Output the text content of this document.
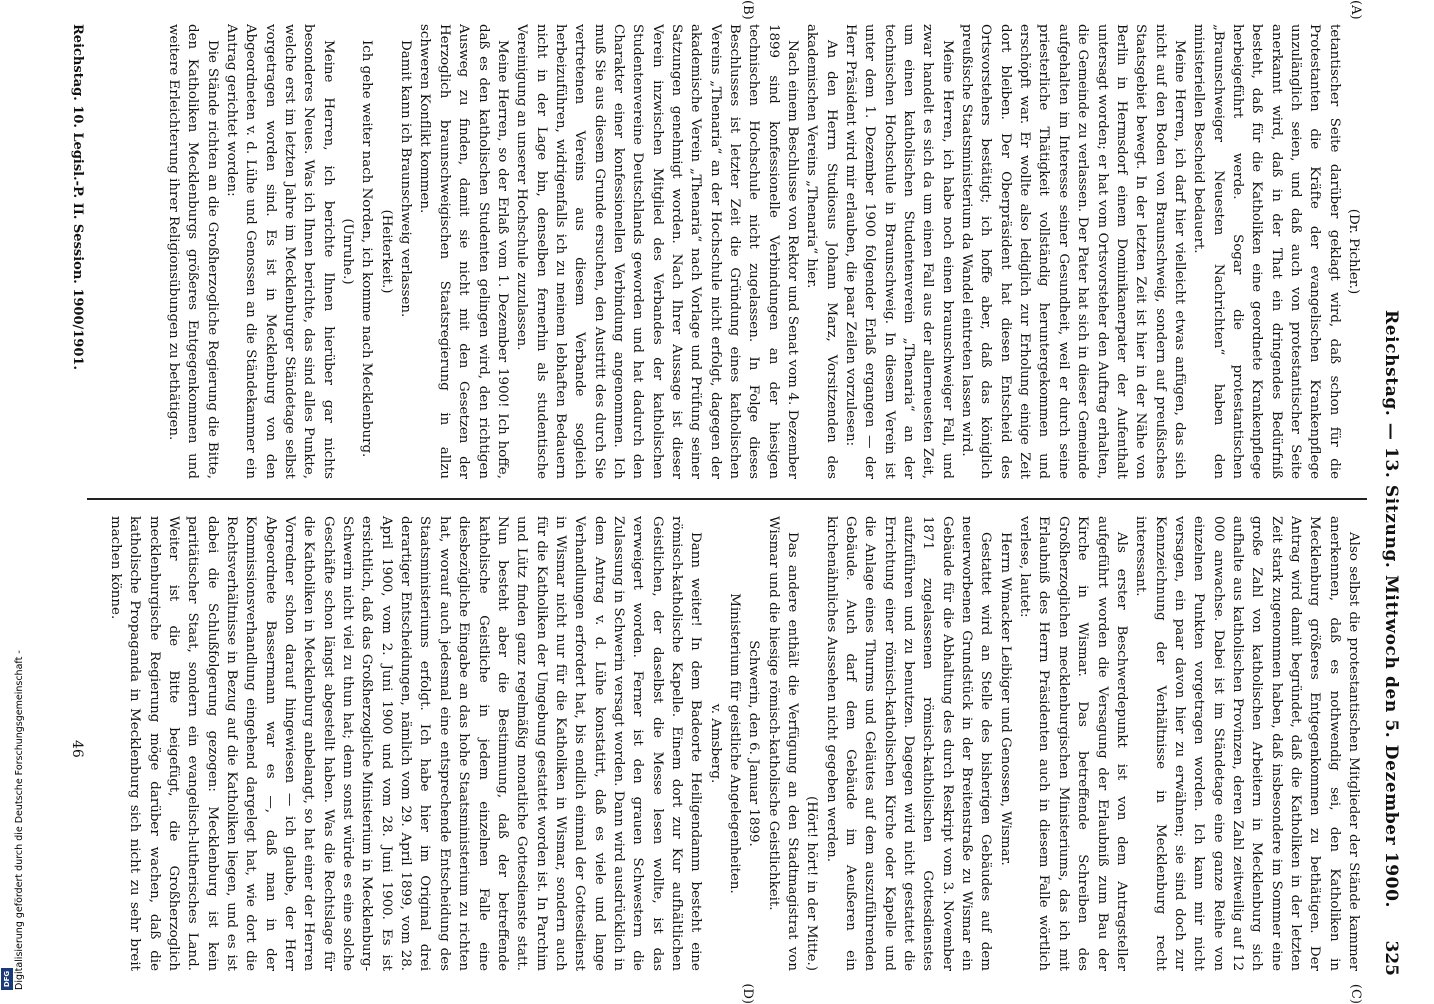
Reichstag. — 13. Sitzung. Mittwoch den 5. Dezember 1900.
325
(A)
(B)
(C)
(D)

(Dr. Pichler.)

tetantischer Seite darüber geklagt wird, daß schon für die Protestanten die Kräfte der evangelischen Krankenpflege unzulänglich seien, und daß auch von protestantischer Seite anerkannt wird, daß in der That ein dringendes Bedürfniß besteht, daß für die Katholiken eine geordnete Krankenpflege herbeigeführt werde. Sogar die protestantischen „Braunschweiger Neuesten Nachrichten“ haben den ministeriellen Bescheid bedauert.

Meine Herren, ich darf hier vielleicht etwas anfügen, das sich nicht auf den Boden von Braunschweig, sondern auf preußisches Staatsgebiet bewegt. In der letzten Zeit ist hier in der Nähe von Berlin in Hermsdorf einem Dominikanerpater der Aufenthalt untersagt worden; er hat vom Ortsvorsteher den Auftrag erhalten, die Gemeinde zu verlassen. Der Pater hat sich in dieser Gemeinde aufgehalten im Interesse seiner Gesundheit, weil er durch seine priesterliche Thätigkeit vollständig heruntergekommen und erschöpft war. Er wollte also lediglich zur Erholung einige Zeit dort bleiben. Der Oberpräsident hat diesen Entscheid des Ortsvorstehers bestätigt; ich hoffe aber, daß das königlich preußische Staatsministerium da Wandel eintreten lassen wird.

Meine Herren, ich habe noch einen braunschweiger Fall, und zwar handelt es sich da um einen Fall aus der allerneuesten Zeit, um einen katholischen Studentenverein „Thenaria“ an der technischen Hochschule in Braunschweig. In diesem Verein ist unter dem 1. Dezember 1900 folgender Erlaß ergangen — der Herr Präsident wird mir erlauben, die paar Zeilen vorzulesen:

An den Herrn Studiosus Johann Marz, Vorsitzenden des akademischen Vereins „Thenaria“ hier.

Nach einem Beschlusse von Rektor und Senat vom 4. Dezember 1899 sind konfessionelle Verbindungen an der hiesigen technischen Hochschule nicht zugelassen. In Folge dieses Beschlusses ist letzter Zeit die Gründung eines katholischen Vereins „Thenaria“ an der Hochschule nicht erfolgt, dagegen der akademische Verein „Thenaria“ nach Vorlage und Prüfung seiner Satzungen genehmigt worden. Nach Ihrer Aussage ist dieser Verein inzwischen Mitglied des Verbandes der katholischen Studentenvereine Deutschlands geworden und hat dadurch den Charakter einer konfessionellen Verbindung angenommen. Ich muß Sie aus diesem Grunde ersuchen, den Austritt des durch Sie vertretenen Vereins aus diesem Verbande sogleich herbeizuführen, widrigenfalls ich zu meinem lebhaften Bedauern nicht in der Lage bin, denselben fernerhin als studentische Vereinigung an unserer Hochschule zuzulassen.

Meine Herren, so der Erlaß vom 1. Dezember 1900! Ich hoffe, daß es den katholischen Studenten gelingen wird, den richtigen Ausweg zu finden, damit sie nicht mit den Gesetzen der Herzoglich braunschweigischen Staatsregierung in allzu schweren Konflikt kommen.

Damit kann ich Braunschweig verlassen.

(Heiterkeit.)

Ich gehe weiter nach Norden, ich komme nach Mecklenburg.

(Unruhe.)

Meine Herren, ich berichte Ihnen hierüber gar nichts besonderes Neues. Was ich Ihnen berichte, das sind alles Punkte, welche erst im letzten Jahre im Mecklenburger Ständetage selbst vorgetragen worden sind. Es ist in Mecklenburg von den Abgeordneten v. d. Lühe und Genossen an die Ständekammer ein Antrag gerichtet worden:

Die Stände richten an die Großherzogliche Regierung die Bitte, den Katholiken Mecklenburgs größeres Entgegenkommen und weitere Erleichterung ihrer Religionsübungen zu bethätigen.

Also selbst die protestantischen Mitglieder der Stände kammer anerkennen, daß es nothwendig sei, den Katholiken in Mecklenburg größeres Entgegenkommen zu bethätigen. Der Antrag wird damit begründet, daß die Katholiken in der letzten Zeit stark zugenommen haben, daß insbesondere im Sommer eine große Zahl von katholischen Arbeitern in Mecklenburg sich aufhalte aus katholischen Provinzen, deren Zahl zeitweilig auf 12 000 anwachse. Dabei ist im Ständetage eine ganze Reihe von einzelnen Punkten vorgetragen worden. Ich kann mir nicht versagen, ein paar davon hier zu erwähnen; sie sind doch zur Kennzeichnung der Verhältnisse in Mecklenburg recht interessant.

Als erster Beschwerdepunkt ist von dem Antragsteller aufgeführt worden die Versagung der Erlaubniß zum Bau der Kirche in Wismar. Das betreffende Schreiben des Großherzoglichen mecklenburgischen Ministeriums, das ich mit Erlaubniß des Herrn Präsidenten auch in diesem Falle wörtlich verlese, lautet:

Herrn Wmacker Leibiger und Genossen, Wismar.

Gestattet wird an Stelle des bisherigen Gebäudes auf dem neuerworbenen Grundstück in der Breitenstraße zu Wismar ein Gebäude für die Abhaltung des durch Reskript vom 3. November 1871 zugelassenen römisch-katholischen Gottesdienstes aufzuführen und zu benutzen. Dagegen wird nicht gestattet die Errichtung einer römisch-katholischen Kirche oder Kapelle und die Anlage eines Thurms und Geläutes auf dem auszuführenden Gebäude. Auch darf dem Gebäude im Aeußeren ein kirchenähnliches Aussehen nicht gegeben werden.

(Hört! hört! in der Mitte.)

Das andere enthält die Verfügung an den Stadtmagistrat von Wismar und die hiesige römisch-katholische Geistlichkeit.

Schwerin, den 6. Januar 1899.

Ministerium für geistliche Angelegenheiten.

v. Amsberg.

Dann weiter! In dem Badeorte Heiligendamm besteht eine römisch-katholische Kapelle. Einem dort zur Kur aufhältlichen Geistlichen, der daselbst die Messe lesen wollte, ist das verweigert worden. Ferner ist den grauen Schwestern die Zulassung in Schwerin versagt worden. Dann wird ausdrücklich in dem Antrag v. d. Lühe konstatirt, daß es viele und lange Verhandlungen erfordert hat, bis endlich einmal der Gottesdienst in Wismar nicht nur für die Katholiken in Wismar, sondern auch für die Katholiken der Umgebung gestattet worden ist. In Parchim und Lütz finden ganz regelmäßig monatliche Gottesdienste statt. Nun besteht aber die Bestimmung, daß der betreffende katholische Geistliche in jedem einzelnen Falle eine diesbezügliche Eingabe an das hohe Staatsministerium zu richten hat, worauf auch jedesmal eine entsprechende Entscheidung des Staatsministeriums erfolgt. Ich habe hier im Original drei derartiger Entscheidungen, nämlich vom 29. April 1899, vom 28. April 1900, vom 2. Juni 1900 und vom 28. Juni 1900. Es ist ersichtlich, daß das Großherzogliche Ministerium in Mecklenburg-Schwerin nicht viel zu thun hat; denn sonst würde es eine solche Geschäfte schon längst abgestellt haben. Was die Rechtslage für die Katholiken in Mecklenburg anbelangt, so hat einer der Herren Vorredner schon darauf hingewiesen — ich glaube, der Herr Abgeordnete Bassermann war es —, daß man in der Kommissionsverhandlung eingehend dargelegt hat, wie dort die Rechtsverhältnisse in Bezug auf die Katholiken liegen, und es ist dabei die Schlußfolgerung gezogen: Mecklenburg ist kein paritätischer Staat, sondern ein evangelisch-lutherisches Land. Weiter ist die Bitte beigefügt, die Großherzoglich mecklenburgische Regierung möge darüber wachen, daß die katholische Propaganda in Mecklenburg sich nicht zu sehr breit machen könne.

Reichstag. 10. Legisl.-P. II. Session. 1900/1901.
46
Digitalisierung gefördert durch die Deutsche Forschungsgemeinschaft -
DFG
